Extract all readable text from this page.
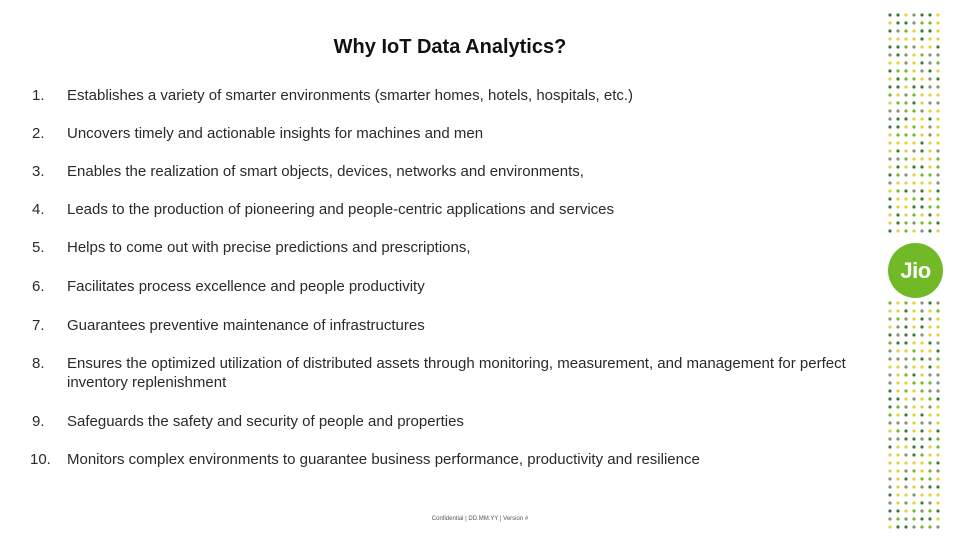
Why IoT Data Analytics?
1.	Establishes a variety of smarter environments (smarter homes, hotels, hospitals, etc.)
2.	Uncovers timely and actionable insights for machines and men
3.	Enables the realization of smart objects, devices, networks and environments,
4.	Leads to the production of pioneering and people-centric applications and services
5.	Helps to come out with precise predictions and prescriptions,
6.	Facilitates process excellence and people productivity
7.	Guarantees preventive maintenance of infrastructures
8.	Ensures the optimized utilization of distributed assets through monitoring, measurement, and management for perfect inventory replenishment
9.	Safeguards the safety and security of people and properties
10.	Monitors complex environments to guarantee business performance, productivity and resilience
Jio
Confidential | DD.MM.YY | Version #
